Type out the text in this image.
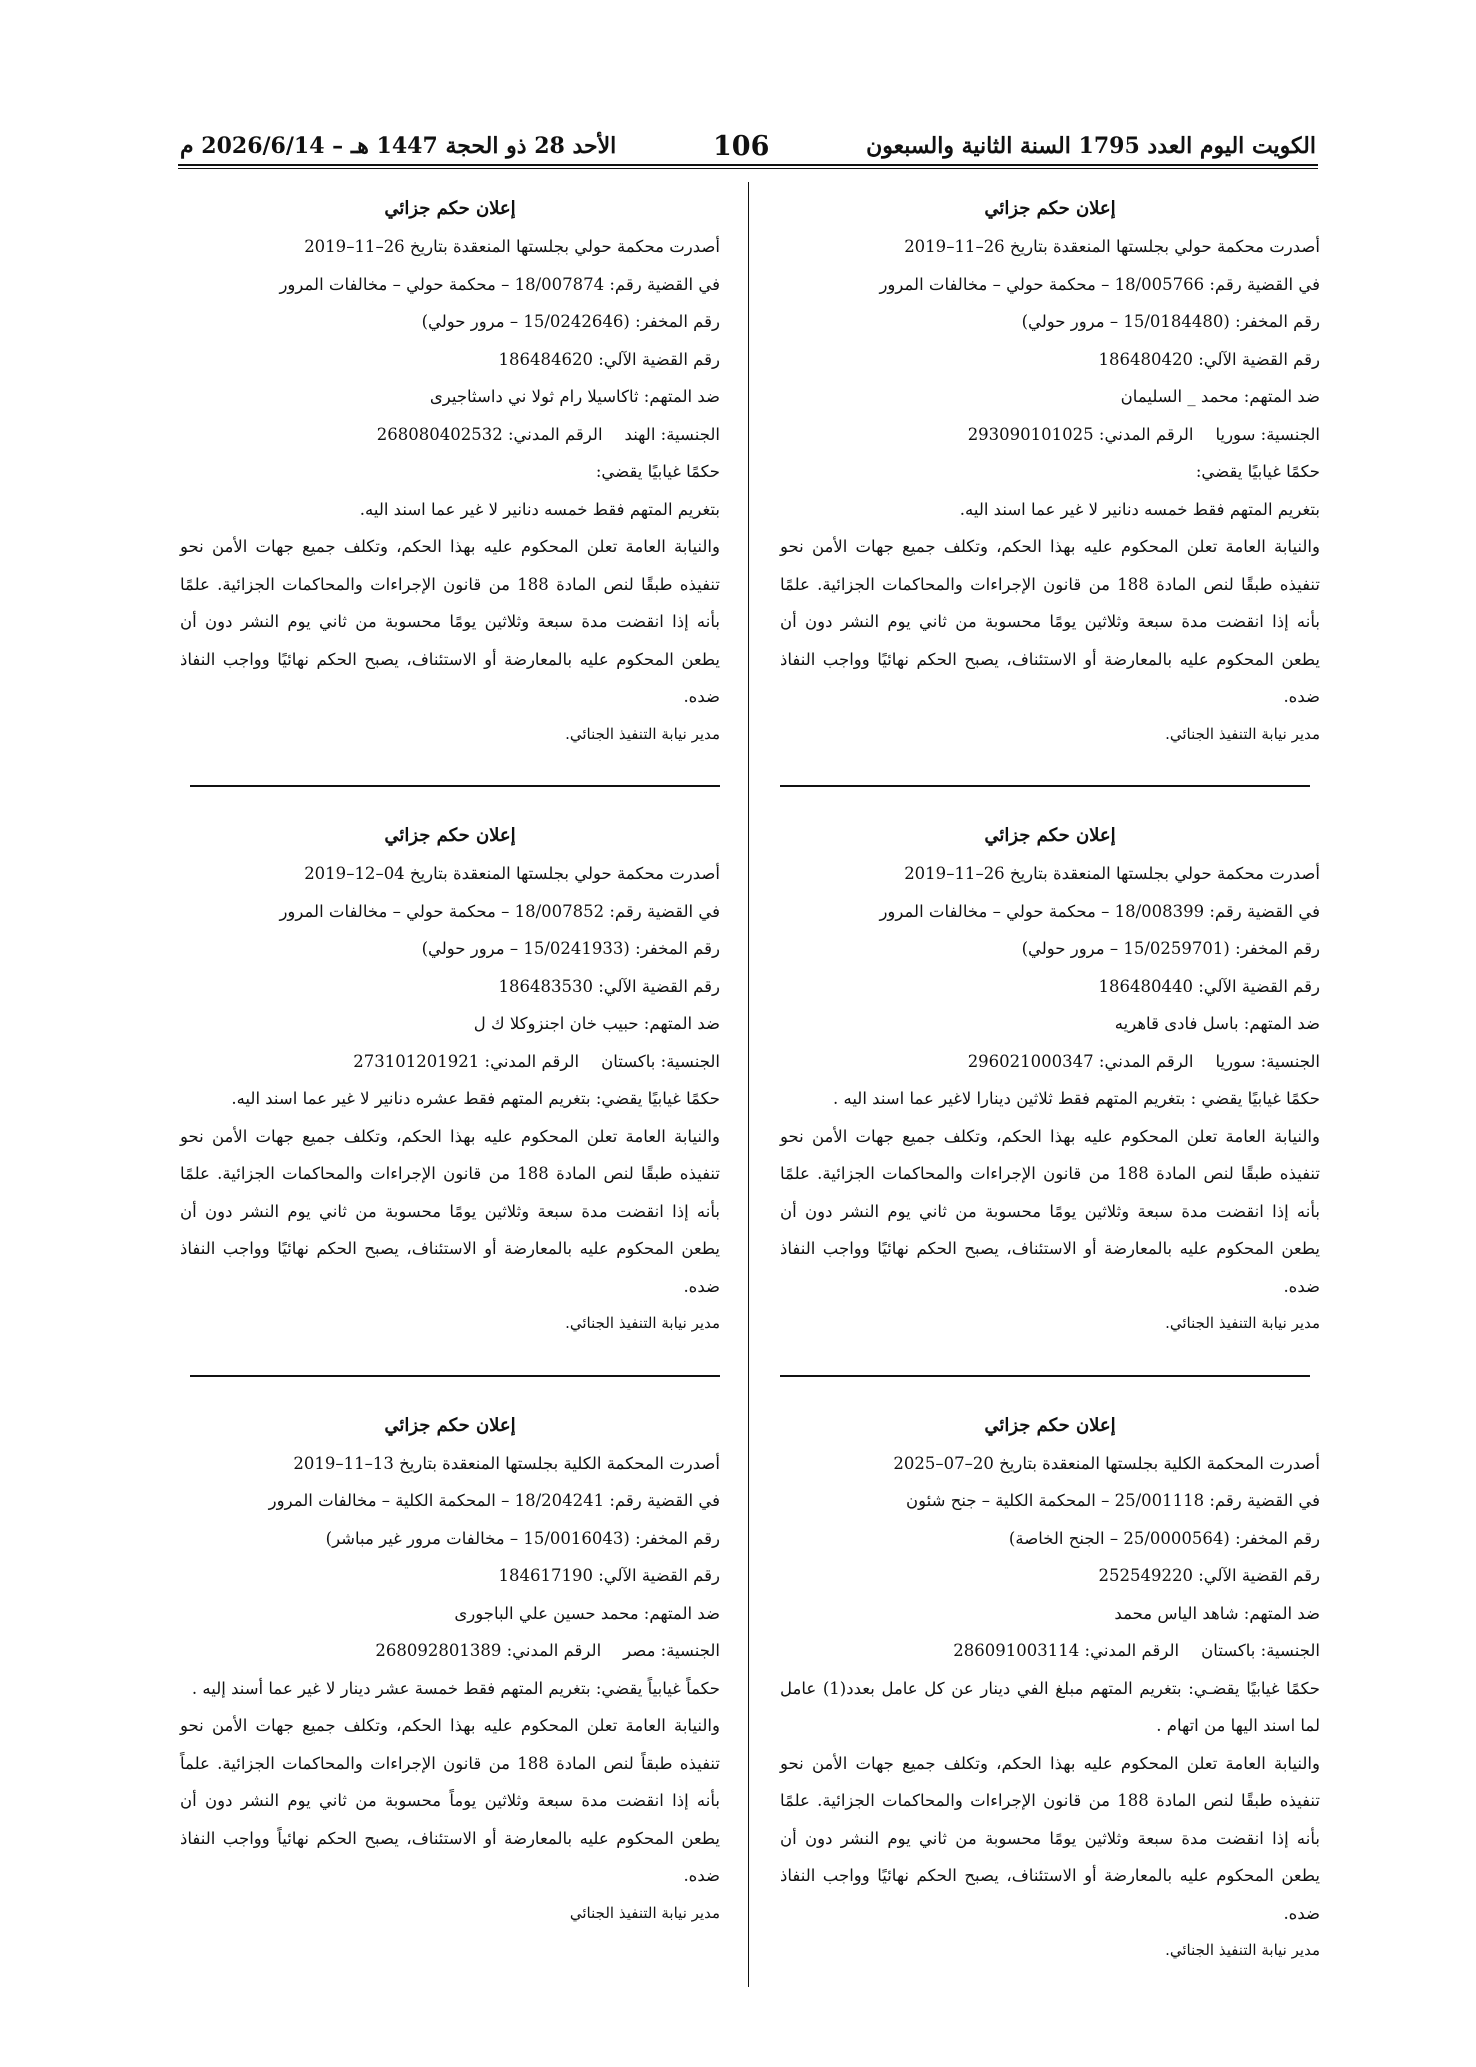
الكويت اليوم العدد 1795 السنة الثانية والسبعون
106
الأحد 28 ذو الحجة 1447 هـ – 2026/6/14 م
إعلان حكم جزائي
أصدرت محكمة حولي بجلستها المنعقدة بتاريخ 26–11–2019
في القضية رقم: 18/005766 – محكمة حولي – مخالفات المرور
رقم المخفر: (15/0184480 – مرور حولي)
رقم القضية الآلي: 186480420
ضد المتهم: محمد _ السليمان
الجنسية: سورياالرقم المدني: 293090101025
حكمًا غيابيًا يقضي:
بتغريم المتهم فقط خمسه دنانير لا غير عما اسند اليه.
والنيابة العامة تعلن المحكوم عليه بهذا الحكم، وتكلف جميع جهات الأمن نحو تنفيذه طبقًا لنص المادة 188 من قانون الإجراءات والمحاكمات الجزائية. علمًا بأنه إذا انقضت مدة سبعة وثلاثين يومًا محسوبة من ثاني يوم النشر دون أن يطعن المحكوم عليه بالمعارضة أو الاستئناف، يصبح الحكم نهائيًا وواجب النفاذ ضده.
مدير نيابة التنفيذ الجنائي.
إعلان حكم جزائي
أصدرت محكمة حولي بجلستها المنعقدة بتاريخ 26–11–2019
في القضية رقم: 18/008399 – محكمة حولي – مخالفات المرور
رقم المخفر: (15/0259701 – مرور حولي)
رقم القضية الآلي: 186480440
ضد المتهم: باسل فادى قاهريه
الجنسية: سورياالرقم المدني: 296021000347
حكمًا غيابيًا يقضي : بتغريم المتهم فقط ثلاثين دينارا لاغير عما اسند اليه .
والنيابة العامة تعلن المحكوم عليه بهذا الحكم، وتكلف جميع جهات الأمن نحو تنفيذه طبقًا لنص المادة 188 من قانون الإجراءات والمحاكمات الجزائية. علمًا بأنه إذا انقضت مدة سبعة وثلاثين يومًا محسوبة من ثاني يوم النشر دون أن يطعن المحكوم عليه بالمعارضة أو الاستئناف، يصبح الحكم نهائيًا وواجب النفاذ ضده.
مدير نيابة التنفيذ الجنائي.
إعلان حكم جزائي
أصدرت المحكمة الكلية بجلستها المنعقدة بتاريخ 20–07–2025
في القضية رقم: 25/001118 – المحكمة الكلية – جنح شئون
رقم المخفر: (25/0000564 – الجنح الخاصة)
رقم القضية الآلي: 252549220
ضد المتهم: شاهد الياس محمد
الجنسية: باكستانالرقم المدني: 286091003114
حكمًا غيابيًا يقضـي: بتغريم المتهم مبلغ الفي دينار عن كل عامل بعدد(1) عامل لما اسند اليها من اتهام .
والنيابة العامة تعلن المحكوم عليه بهذا الحكم، وتكلف جميع جهات الأمن نحو تنفيذه طبقًا لنص المادة 188 من قانون الإجراءات والمحاكمات الجزائية. علمًا بأنه إذا انقضت مدة سبعة وثلاثين يومًا محسوبة من ثاني يوم النشر دون أن يطعن المحكوم عليه بالمعارضة أو الاستئناف، يصبح الحكم نهائيًا وواجب النفاذ ضده.
مدير نيابة التنفيذ الجنائي.
إعلان حكم جزائي
أصدرت محكمة حولي بجلستها المنعقدة بتاريخ 26–11–2019
في القضية رقم: 18/007874 – محكمة حولي – مخالفات المرور
رقم المخفر: (15/0242646 – مرور حولي)
رقم القضية الآلي: 186484620
ضد المتهم: ثاكاسيلا رام ثولا ني داسثاجيرى
الجنسية: الهندالرقم المدني: 268080402532
حكمًا غيابيًا يقضي:
بتغريم المتهم فقط خمسه دنانير لا غير عما اسند اليه.
والنيابة العامة تعلن المحكوم عليه بهذا الحكم، وتكلف جميع جهات الأمن نحو تنفيذه طبقًا لنص المادة 188 من قانون الإجراءات والمحاكمات الجزائية. علمًا بأنه إذا انقضت مدة سبعة وثلاثين يومًا محسوبة من ثاني يوم النشر دون أن يطعن المحكوم عليه بالمعارضة أو الاستئناف، يصبح الحكم نهائيًا وواجب النفاذ ضده.
مدير نيابة التنفيذ الجنائي.
إعلان حكم جزائي
أصدرت محكمة حولي بجلستها المنعقدة بتاريخ 04–12–2019
في القضية رقم: 18/007852 – محكمة حولي – مخالفات المرور
رقم المخفر: (15/0241933 – مرور حولي)
رقم القضية الآلي: 186483530
ضد المتهم: حبيب خان اجنزوكلا ك ل
الجنسية: باكستانالرقم المدني: 273101201921
حكمًا غيابيًا يقضي: بتغريم المتهم فقط عشره دنانير لا غير عما اسند اليه.
والنيابة العامة تعلن المحكوم عليه بهذا الحكم، وتكلف جميع جهات الأمن نحو تنفيذه طبقًا لنص المادة 188 من قانون الإجراءات والمحاكمات الجزائية. علمًا بأنه إذا انقضت مدة سبعة وثلاثين يومًا محسوبة من ثاني يوم النشر دون أن يطعن المحكوم عليه بالمعارضة أو الاستئناف، يصبح الحكم نهائيًا وواجب النفاذ ضده.
مدير نيابة التنفيذ الجنائي.
إعلان حكم جزائي
أصدرت المحكمة الكلية بجلستها المنعقدة بتاريخ 13–11–2019
في القضية رقم: 18/204241 – المحكمة الكلية – مخالفات المرور
رقم المخفر: (15/0016043 – مخالفات مرور غير مباشر)
رقم القضية الآلي: 184617190
ضد المتهم: محمد حسين علي الباجورى
الجنسية: مصرالرقم المدني: 268092801389
حكماً غيابياً يقضي: بتغريم المتهم فقط خمسة عشر دينار لا غير عما أسند إليه .
والنيابة العامة تعلن المحكوم عليه بهذا الحكم، وتكلف جميع جهات الأمن نحو تنفيذه طبقاً لنص المادة 188 من قانون الإجراءات والمحاكمات الجزائية. علماً بأنه إذا انقضت مدة سبعة وثلاثين يوماً محسوبة من ثاني يوم النشر دون أن يطعن المحكوم عليه بالمعارضة أو الاستئناف، يصبح الحكم نهائياً وواجب النفاذ ضده.
مدير نيابة التنفيذ الجنائي
